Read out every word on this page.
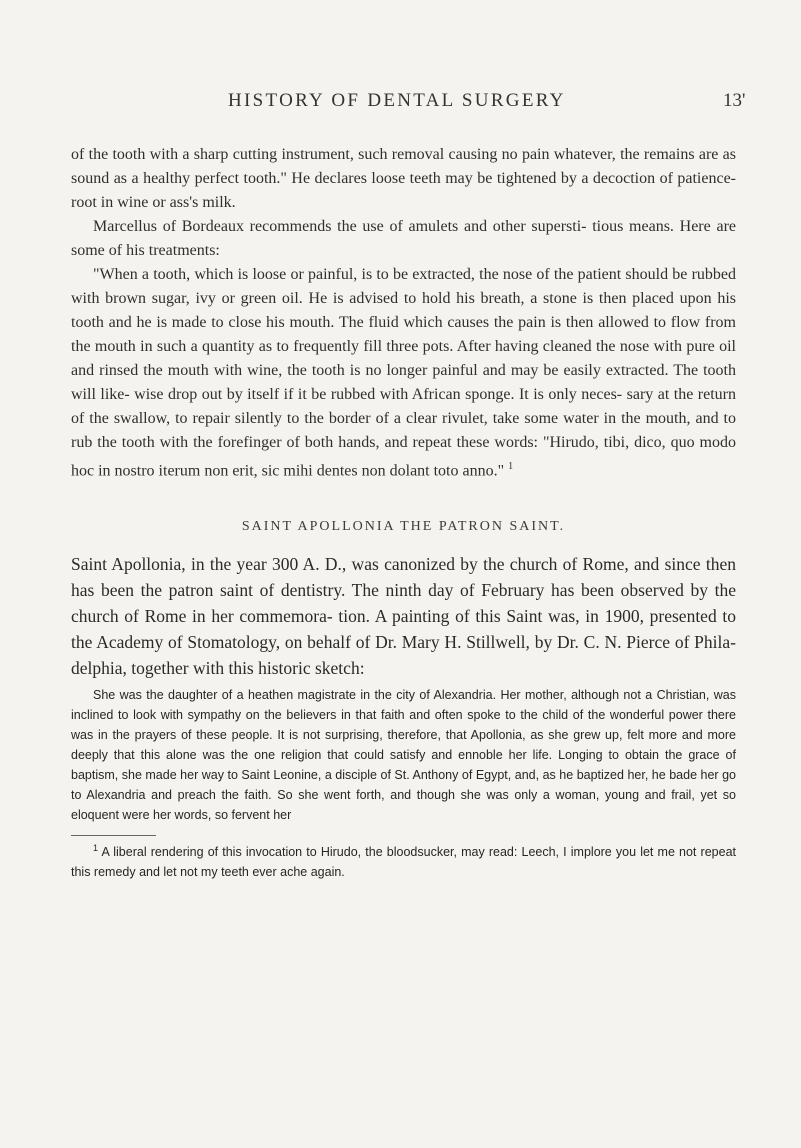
HISTORY OF DENTAL SURGERY	13'

of the tooth with a sharp cutting instrument, such removal causing no pain whatever, the remains are as sound as a healthy perfect tooth." He declares loose teeth may be tightened by a decoction of patience-root in wine or ass's milk.

Marcellus of Bordeaux recommends the use of amulets and other supersti- tious means. Here are some of his treatments:

"When a tooth, which is loose or painful, is to be extracted, the nose of the patient should be rubbed with brown sugar, ivy or green oil. He is advised to hold his breath, a stone is then placed upon his tooth and he is made to close his mouth. The fluid which causes the pain is then allowed to flow from the mouth in such a quantity as to frequently fill three pots. After having cleaned the nose with pure oil and rinsed the mouth with wine, the tooth is no longer painful and may be easily extracted. The tooth will like- wise drop out by itself if it be rubbed with African sponge. It is only neces- sary at the return of the swallow, to repair silently to the border of a clear rivulet, take some water in the mouth, and to rub the tooth with the forefinger of both hands, and repeat these words: "Hirudo, tibi, dico, quo modo hoc in nostro iterum non erit, sic mihi dentes non dolant toto anno." $^1$

SAINT APOLLONIA THE PATRON SAINT.

Saint Apollonia, in the year 300 A. D., was canonized by the church of Rome, and since then has been the patron saint of dentistry. The ninth day of February has been observed by the church of Rome in her commemora- tion. A painting of this Saint was, in 1900, presented to the Academy of Stomatology, on behalf of Dr. Mary H. Stillwell, by Dr. C. N. Pierce of Phila- delphia, together with this historic sketch:

She was the daughter of a heathen magistrate in the city of Alexandria. Her mother, although not a Christian, was inclined to look with sympathy on the believers in that faith and often spoke to the child of the wonderful power there was in the prayers of these people. It is not surprising, therefore, that Apollonia, as she grew up, felt more and more deeply that this alone was the one religion that could satisfy and ennoble her life. Longing to obtain the grace of baptism, she made her way to Saint Leonine, a disciple of St. Anthony of Egypt, and, as he baptized her, he bade her go to Alexandria and preach the faith. So she went forth, and though she was only a woman, young and frail, yet so eloquent were her words, so fervent her
$^1$ A liberal rendering of this invocation to Hirudo, the bloodsucker, may read: Leech, I implore you let me not repeat this remedy and let not my teeth ever ache again.
